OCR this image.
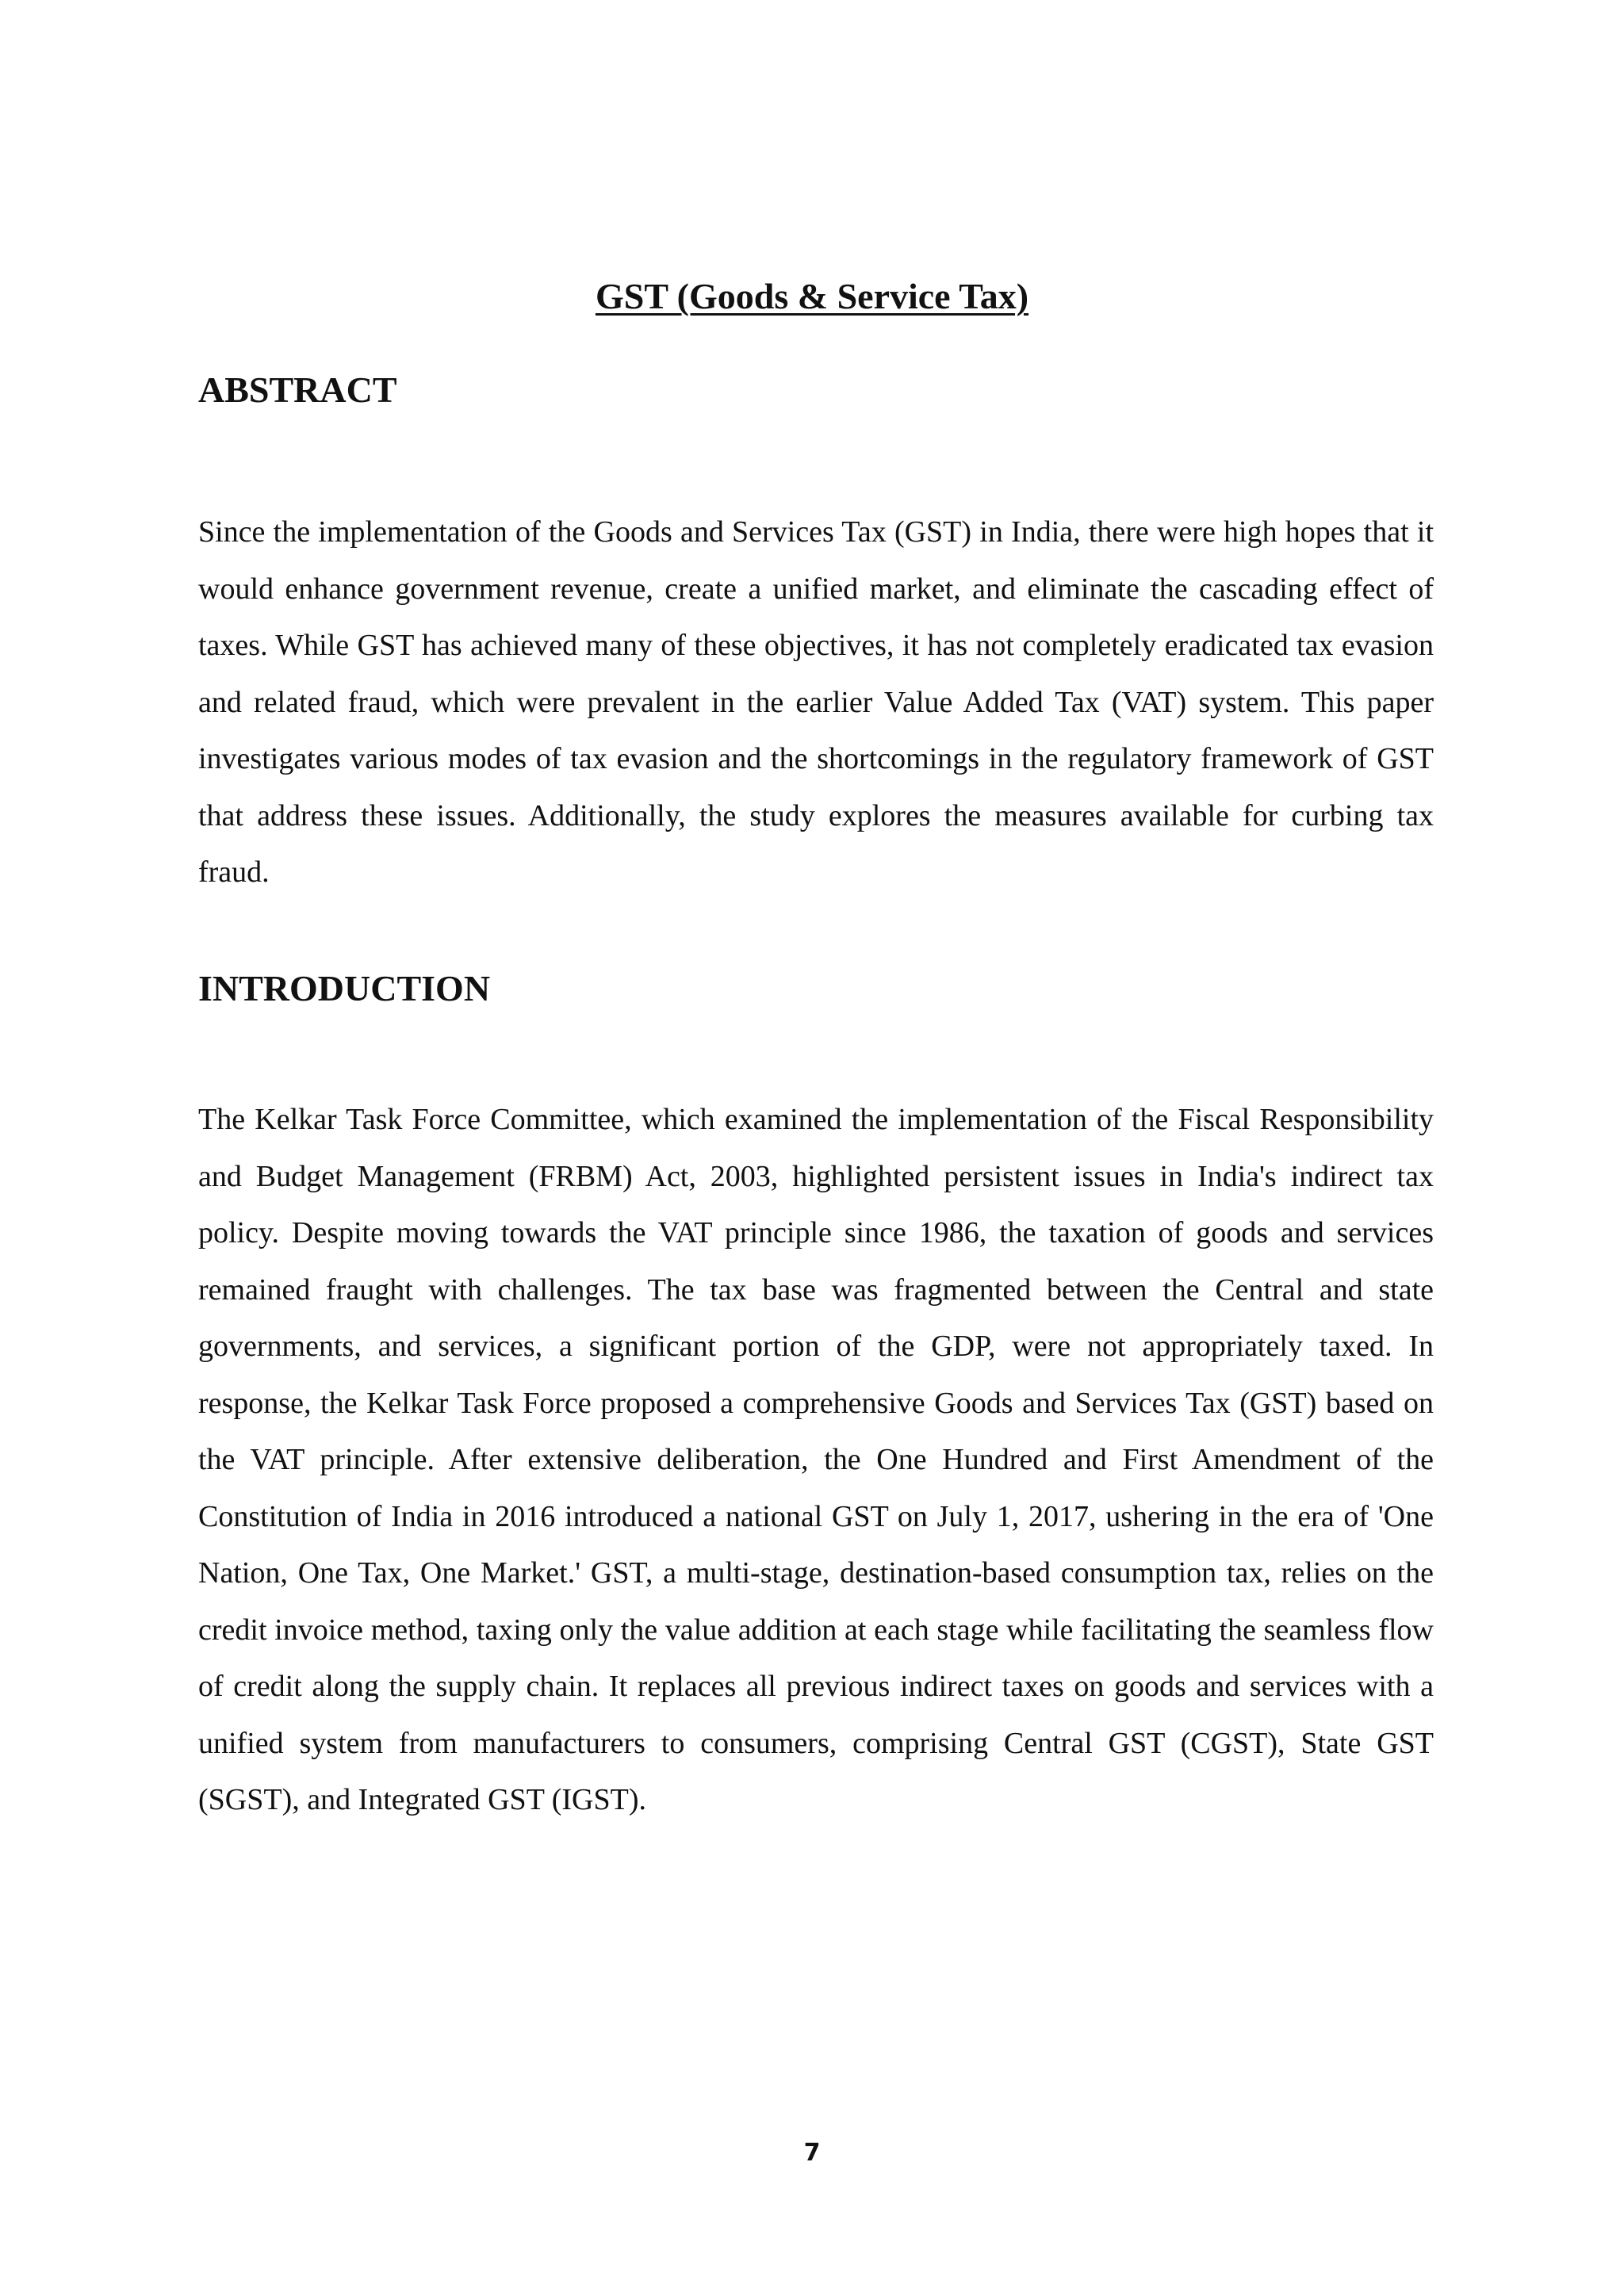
GST (Goods & Service Tax)
ABSTRACT

Since the implementation of the Goods and Services Tax (GST) in India, there were high hopes that it would enhance government revenue, create a unified market, and eliminate the cascading effect of taxes. While GST has achieved many of these objectives, it has not completely eradicated tax evasion and related fraud, which were prevalent in the earlier Value Added Tax (VAT) system. This paper investigates various modes of tax evasion and the shortcomings in the regulatory framework of GST that address these issues. Additionally, the study explores the measures available for curbing tax fraud.

INTRODUCTION

The Kelkar Task Force Committee, which examined the implementation of the Fiscal Responsibility and Budget Management (FRBM) Act, 2003, highlighted persistent issues in India's indirect tax policy. Despite moving towards the VAT principle since 1986, the taxation of goods and services remained fraught with challenges. The tax base was fragmented between the Central and state governments, and services, a significant portion of the GDP, were not appropriately taxed. In response, the Kelkar Task Force proposed a comprehensive Goods and Services Tax (GST) based on the VAT principle. After extensive deliberation, the One Hundred and First Amendment of the Constitution of India in 2016 introduced a national GST on July 1, 2017, ushering in the era of 'One Nation, One Tax, One Market.' GST, a multi-stage, destination-based consumption tax, relies on the credit invoice method, taxing only the value addition at each stage while facilitating the seamless flow of credit along the supply chain. It replaces all previous indirect taxes on goods and services with a unified system from manufacturers to consumers, comprising Central GST (CGST), State GST (SGST), and Integrated GST (IGST).

7
